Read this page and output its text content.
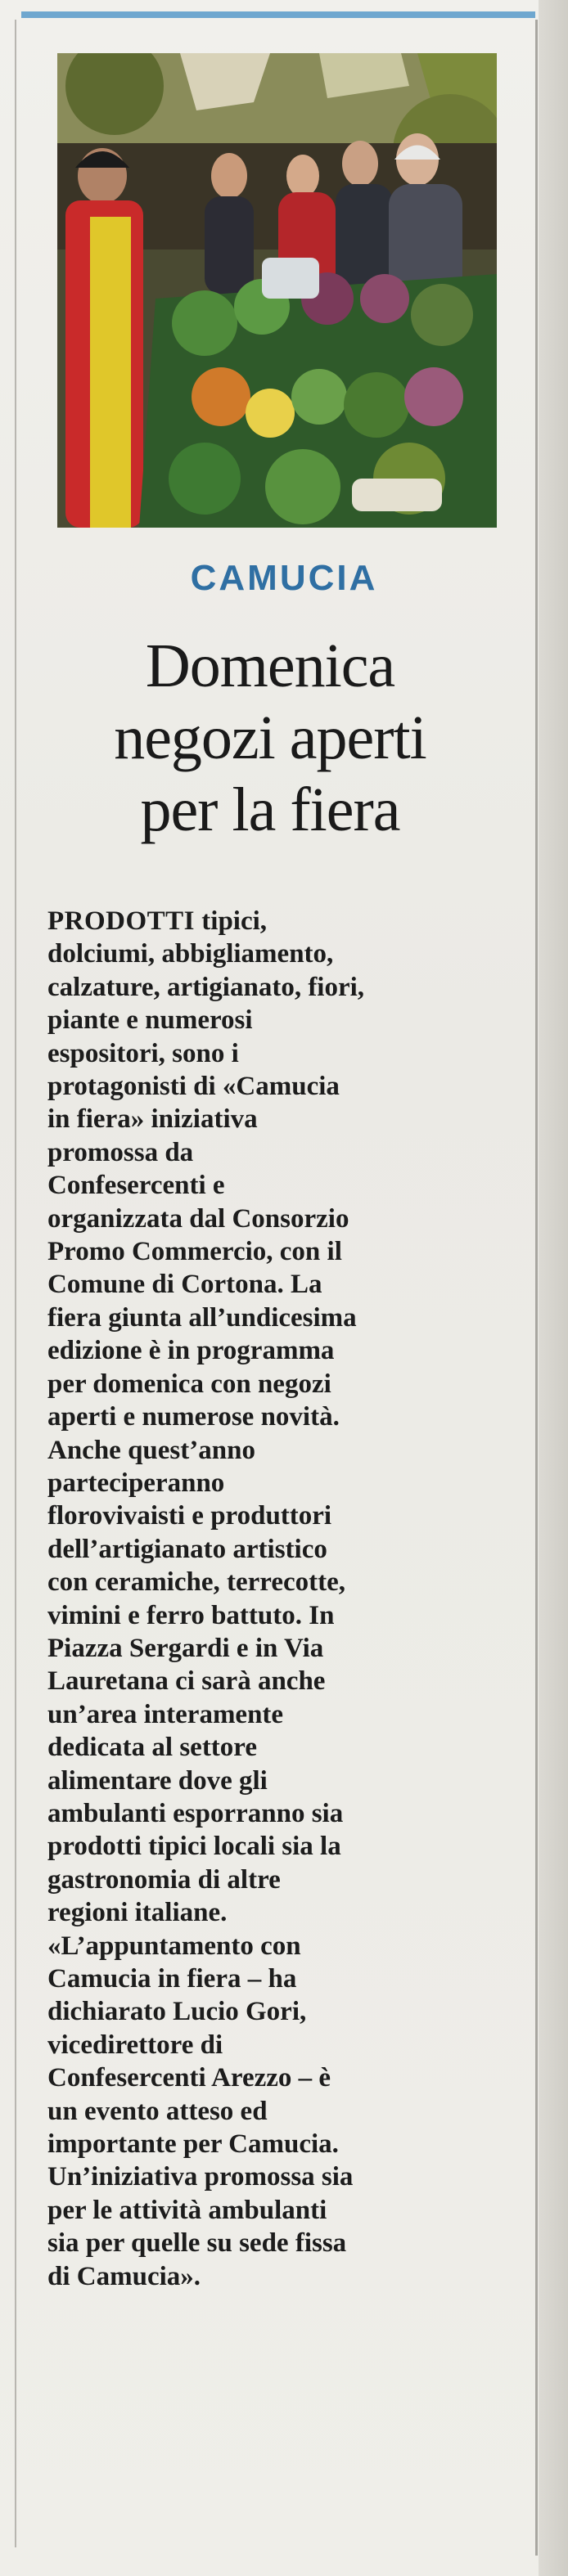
CAMUCIA
Domenica
negozi aperti
per la fiera
PRODOTTI tipici,
dolciumi, abbigliamento,
calzature, artigianato, fiori,
piante e numerosi
espositori, sono i
protagonisti di «Camucia
in fiera» iniziativa
promossa da
Confesercenti e
organizzata dal Consorzio
Promo Commercio, con il
Comune di Cortona. La
fiera giunta all’undicesima
edizione è in programma
per domenica con negozi
aperti e numerose novità.
Anche quest’anno
parteciperanno
florovivaisti e produttori
dell’artigianato artistico
con ceramiche, terrecotte,
vimini e ferro battuto. In
Piazza Sergardi e in Via
Lauretana ci sarà anche
un’area interamente
dedicata al settore
alimentare dove gli
ambulanti esporranno sia
prodotti tipici locali sia la
gastronomia di altre
regioni italiane.
«L’appuntamento con
Camucia in fiera – ha
dichiarato Lucio Gori,
vicedirettore di
Confesercenti Arezzo – è
un evento atteso ed
importante per Camucia.
Un’iniziativa promossa sia
per le attività ambulanti
sia per quelle su sede fissa
di Camucia».
